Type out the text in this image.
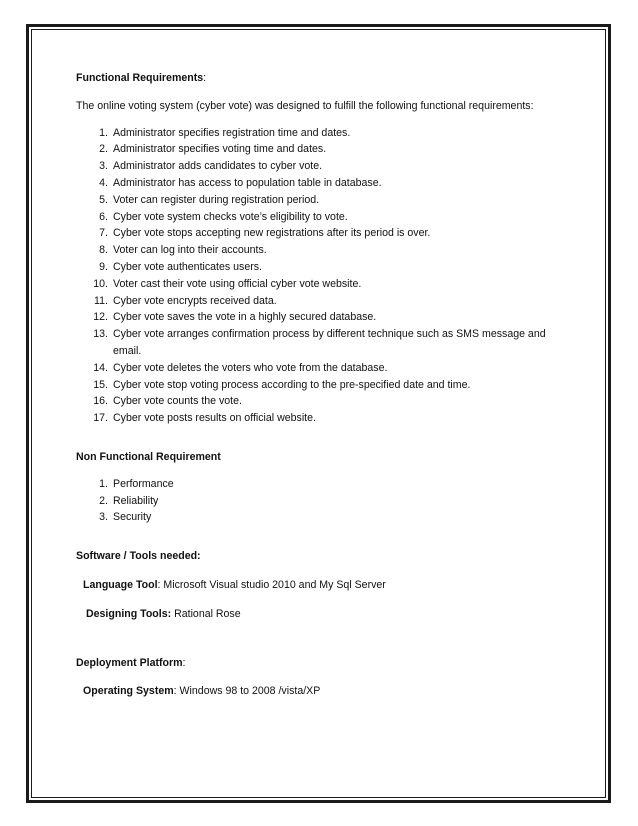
Functional Requirements:

The online voting system (cyber vote) was designed to fulfill the following functional requirements:

1. Administrator specifies registration time and dates.
2. Administrator specifies voting time and dates.
3. Administrator adds candidates to cyber vote.
4. Administrator has access to population table in database.
5. Voter can register during registration period.
6. Cyber vote system checks vote’s eligibility to vote.
7. Cyber vote stops accepting new registrations after its period is over.
8. Voter can log into their accounts.
9. Cyber vote authenticates users.
10. Voter cast their vote using official cyber vote website.
11. Cyber vote encrypts received data.
12. Cyber vote saves the vote in a highly secured database.
13. Cyber vote arranges confirmation process by different technique such as SMS message and email.
14. Cyber vote deletes the voters who vote from the database.
15. Cyber vote stop voting process according to the pre-specified date and time.
16. Cyber vote counts the vote.
17. Cyber vote posts results on official website.

Non Functional Requirement

1. Performance
2. Reliability
3. Security

Software / Tools needed:

Language Tool: Microsoft Visual studio 2010 and My Sql Server

Designing Tools: Rational Rose

Deployment Platform:

Operating System: Windows 98 to 2008 /vista/XP
